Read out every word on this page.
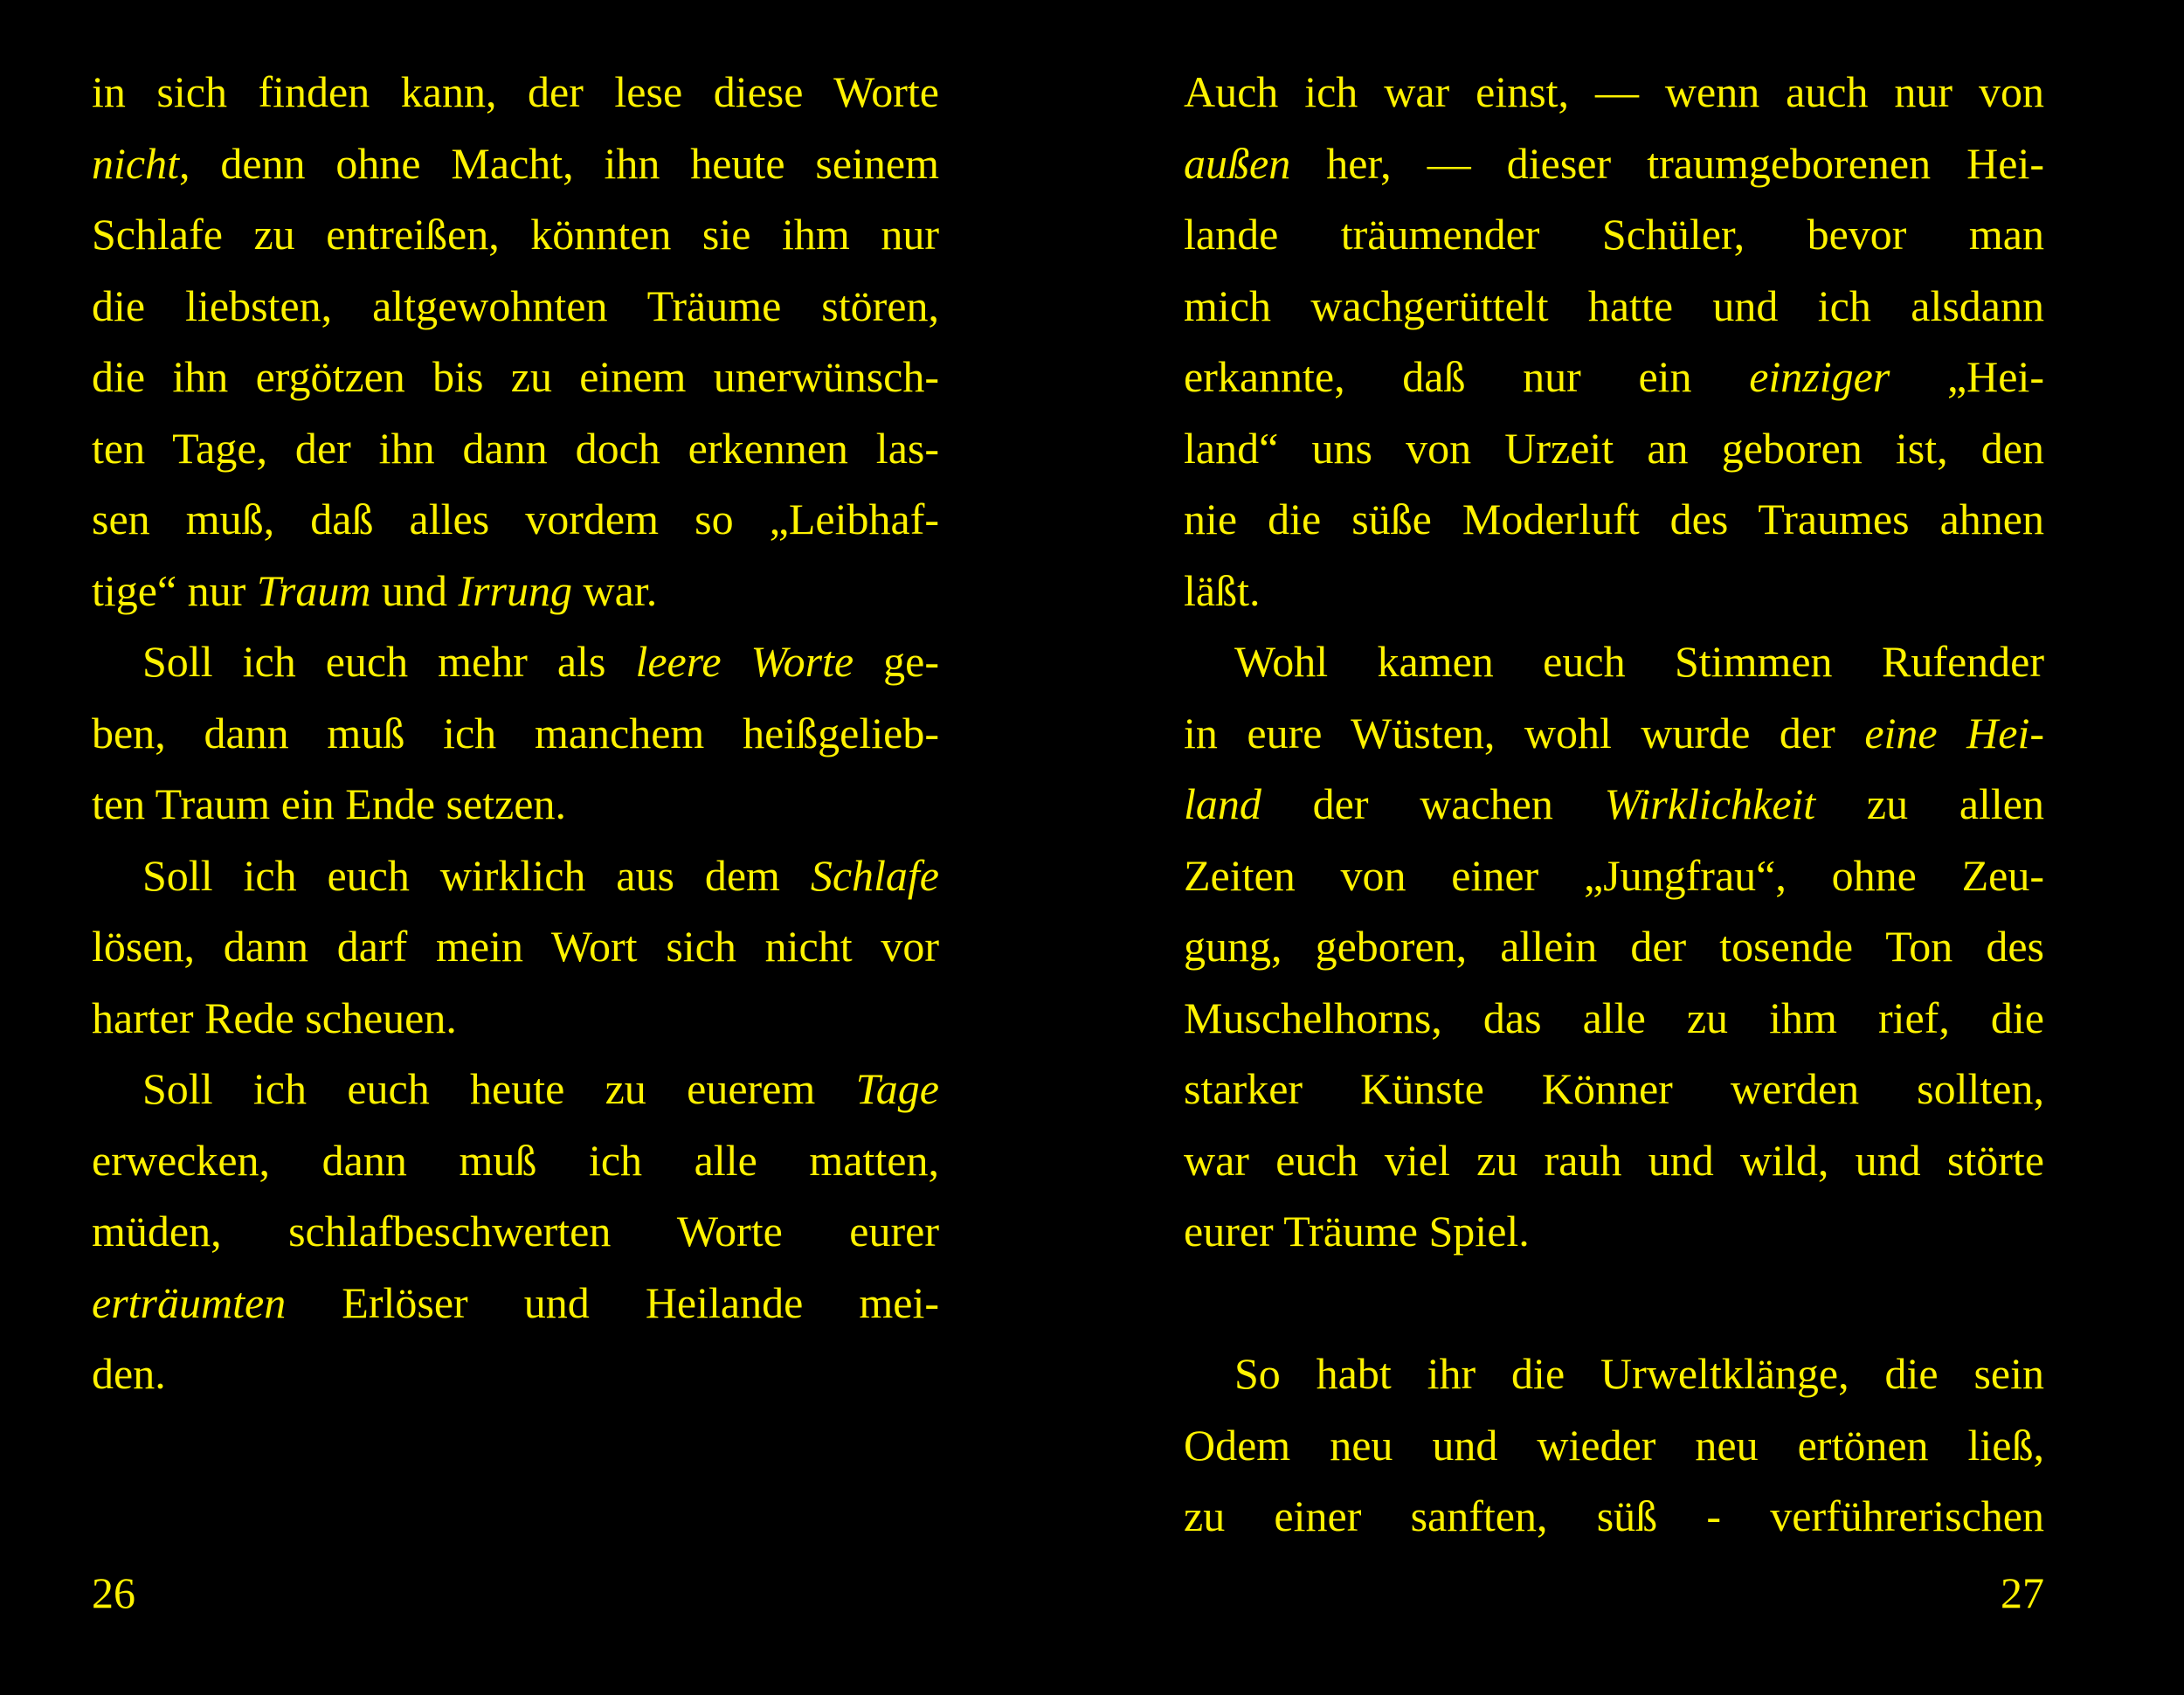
in sich finden kann, der lese diese Worte
nicht, denn ohne Macht, ihn heute seinem
Schlafe zu entreißen, könnten sie ihm nur
die liebsten, altgewohnten Träume stören,
die ihn ergötzen bis zu einem unerwünsch-
ten Tage, der ihn dann doch erkennen las-
sen muß, daß alles vordem so „Leibhaf-
tige“ nur Traum und Irrung war.
Soll ich euch mehr als leere Worte ge-
ben, dann muß ich manchem heißgelieb-
ten Traum ein Ende setzen.
Soll ich euch wirklich aus dem Schlafe
lösen, dann darf mein Wort sich nicht vor
harter Rede scheuen.
Soll ich euch heute zu euerem Tage
erwecken, dann muß ich alle matten,
müden, schlafbeschwerten Worte eurer
erträumten Erlöser und Heilande mei-
den.
26
Auch ich war einst, — wenn auch nur von
außen her, — dieser traumgeborenen Hei-
lande träumender Schüler, bevor man
mich wachgerüttelt hatte und ich alsdann
erkannte, daß nur ein einziger „Hei-
land“ uns von Urzeit an geboren ist, den
nie die süße Moderluft des Traumes ahnen
läßt.
Wohl kamen euch Stimmen Rufender
in eure Wüsten, wohl wurde der eine Hei-
land der wachen Wirklichkeit zu allen
Zeiten von einer „Jungfrau“, ohne Zeu-
gung, geboren, allein der tosende Ton des
Muschelhorns, das alle zu ihm rief, die
starker Künste Könner werden sollten,
war euch viel zu rauh und wild, und störte
eurer Träume Spiel.
So habt ihr die Urweltklänge, die sein
Odem neu und wieder neu ertönen ließ,
zu einer sanften, süß - verführerischen
27
